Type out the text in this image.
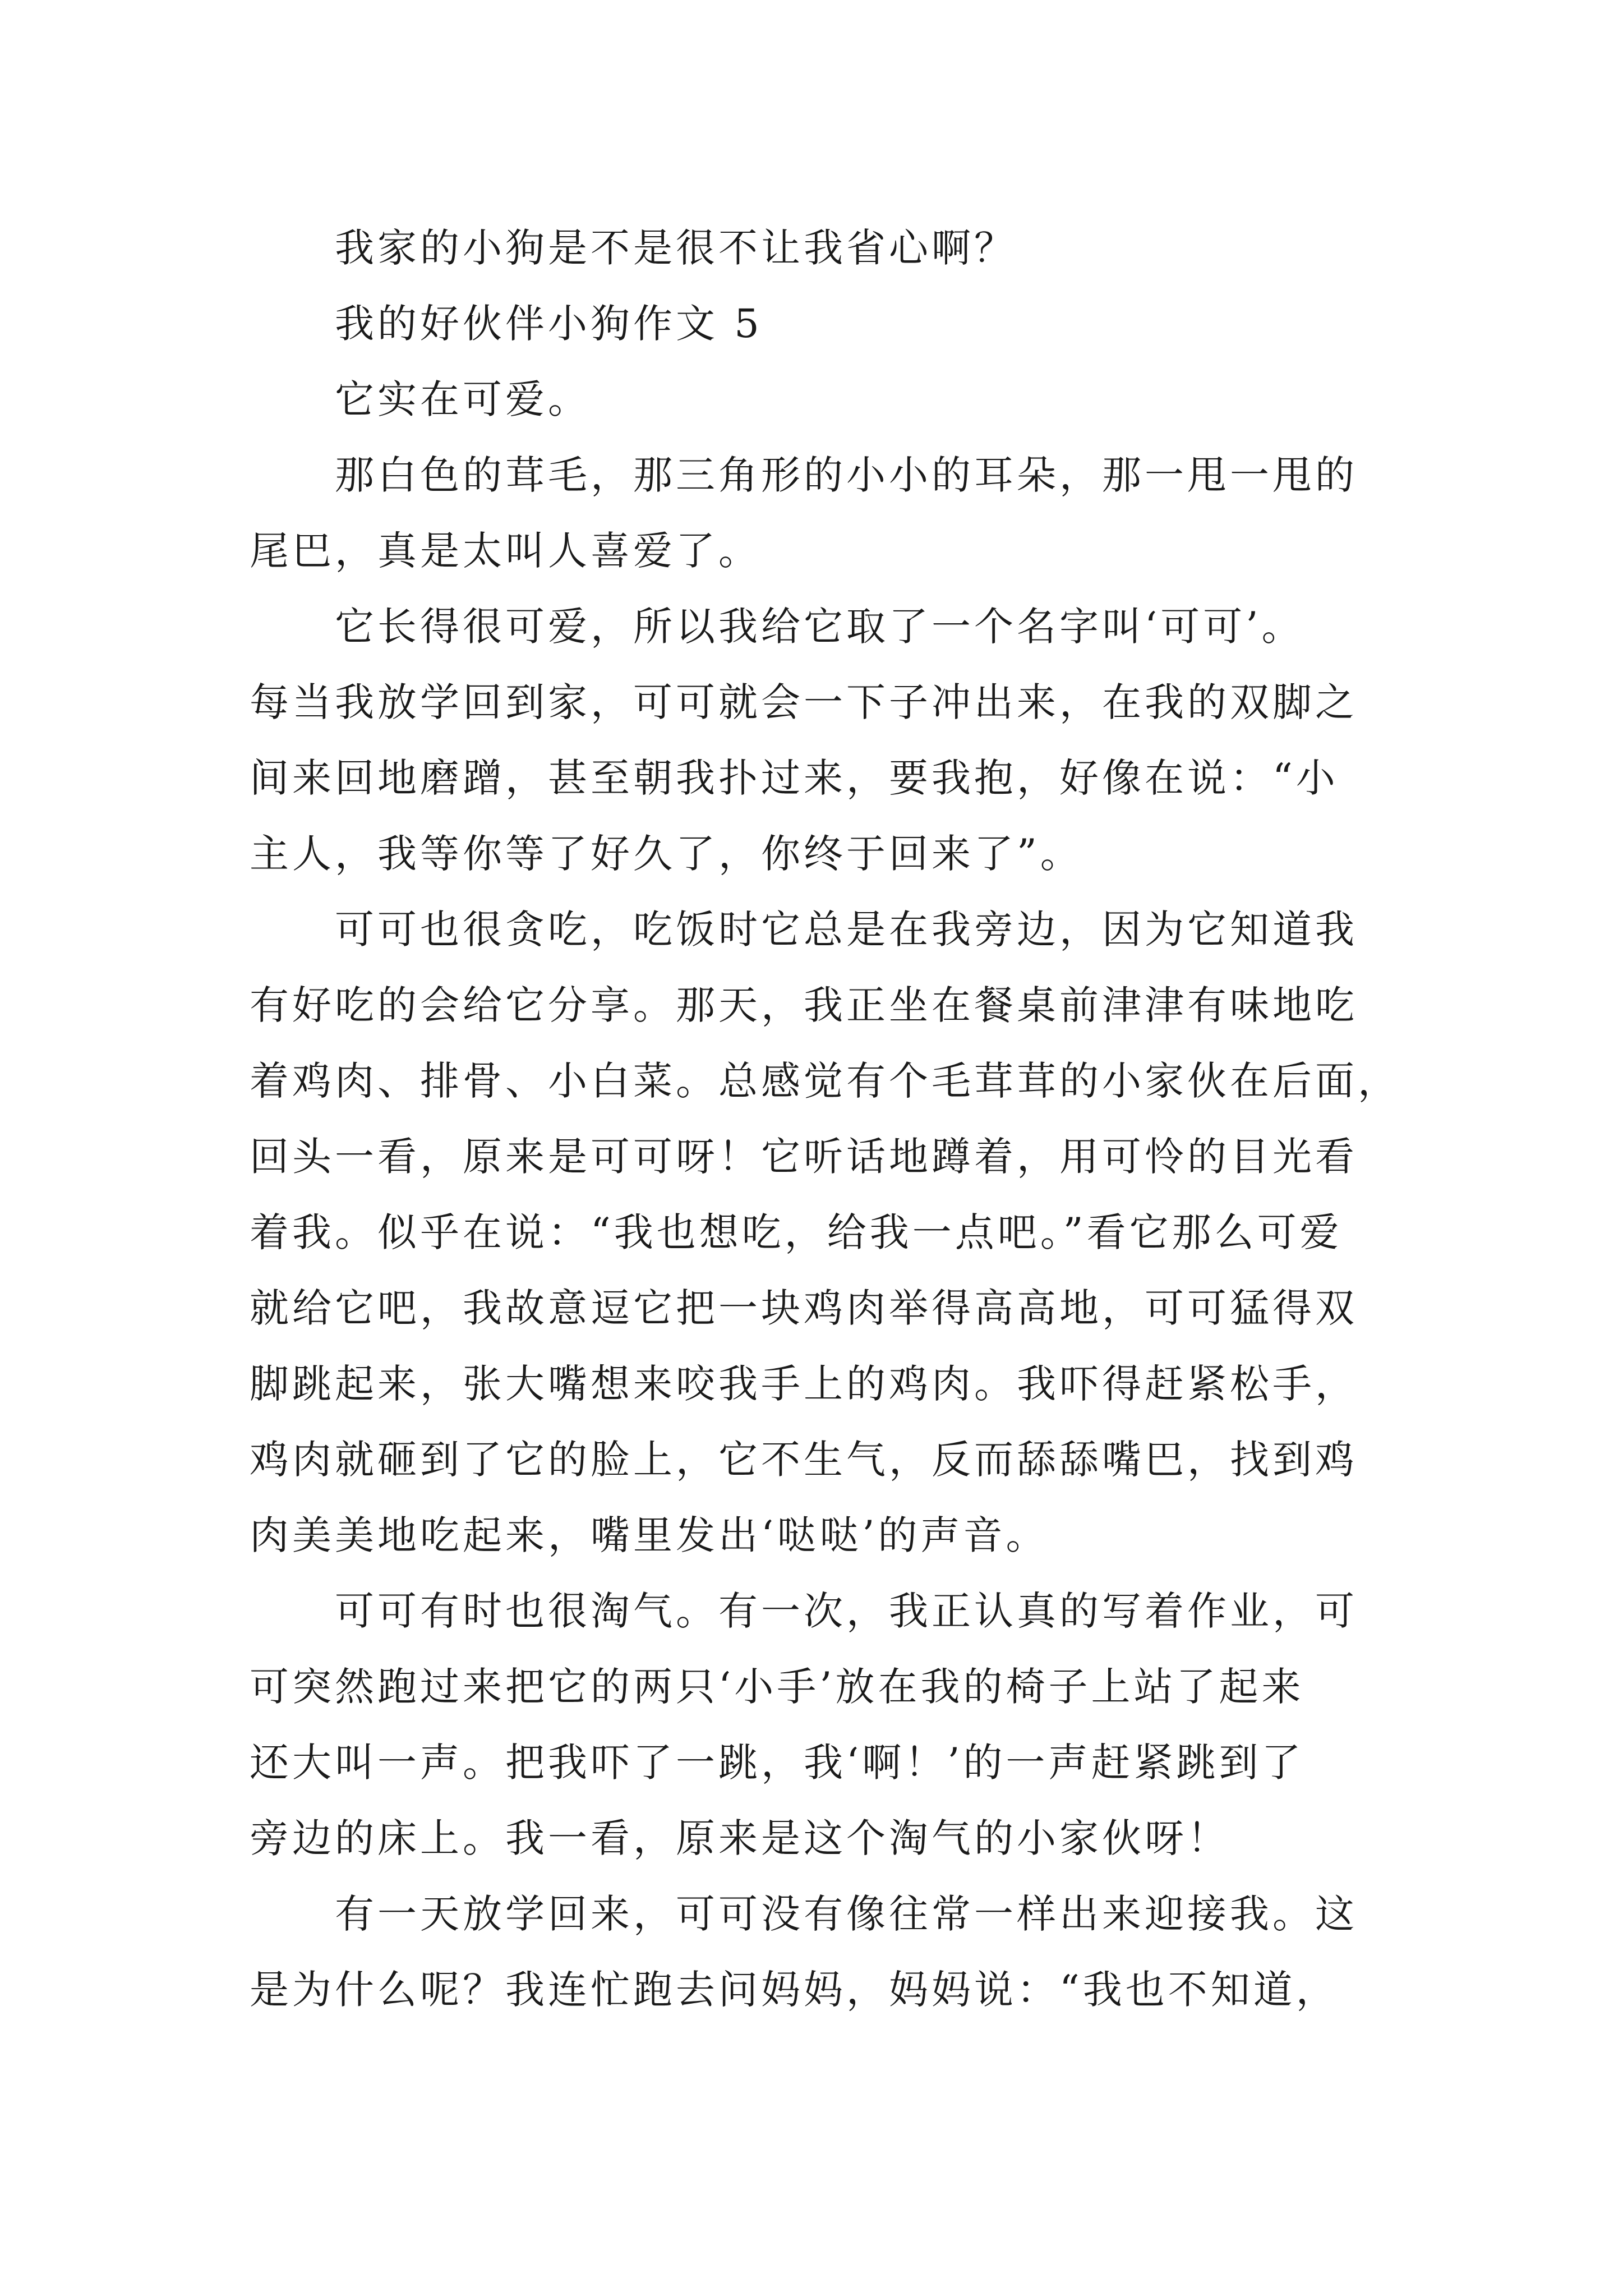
　　我家的小狗是不是很不让我省心啊？
　　我的好伙伴小狗作文 5
　　它实在可爱。
　　那白色的茸毛，那三角形的小小的耳朵，那一甩一甩的
尾巴，真是太叫人喜爱了。
　　它长得很可爱，所以我给它取了一个名字叫‘可可’。
每当我放学回到家，可可就会一下子冲出来，在我的双脚之
间来回地磨蹭，甚至朝我扑过来，要我抱，好像在说：“小
主人，我等你等了好久了，你终于回来了”。
　　可可也很贪吃，吃饭时它总是在我旁边，因为它知道我
有好吃的会给它分享。那天，我正坐在餐桌前津津有味地吃
着鸡肉、排骨、小白菜。总感觉有个毛茸茸的小家伙在后面，
回头一看，原来是可可呀！它听话地蹲着，用可怜的目光看
着我。似乎在说：“我也想吃，给我一点吧。”看它那么可爱
就给它吧，我故意逗它把一块鸡肉举得高高地，可可猛得双
脚跳起来，张大嘴想来咬我手上的鸡肉。我吓得赶紧松手，
鸡肉就砸到了它的脸上，它不生气，反而舔舔嘴巴，找到鸡
肉美美地吃起来，嘴里发出‘哒哒’的声音。
　　可可有时也很淘气。有一次，我正认真的写着作业，可
可突然跑过来把它的两只‘小手’放在我的椅子上站了起来
还大叫一声。把我吓了一跳，我‘啊！’的一声赶紧跳到了
旁边的床上。我一看，原来是这个淘气的小家伙呀！
　　有一天放学回来，可可没有像往常一样出来迎接我。这
是为什么呢？我连忙跑去问妈妈，妈妈说：“我也不知道，
